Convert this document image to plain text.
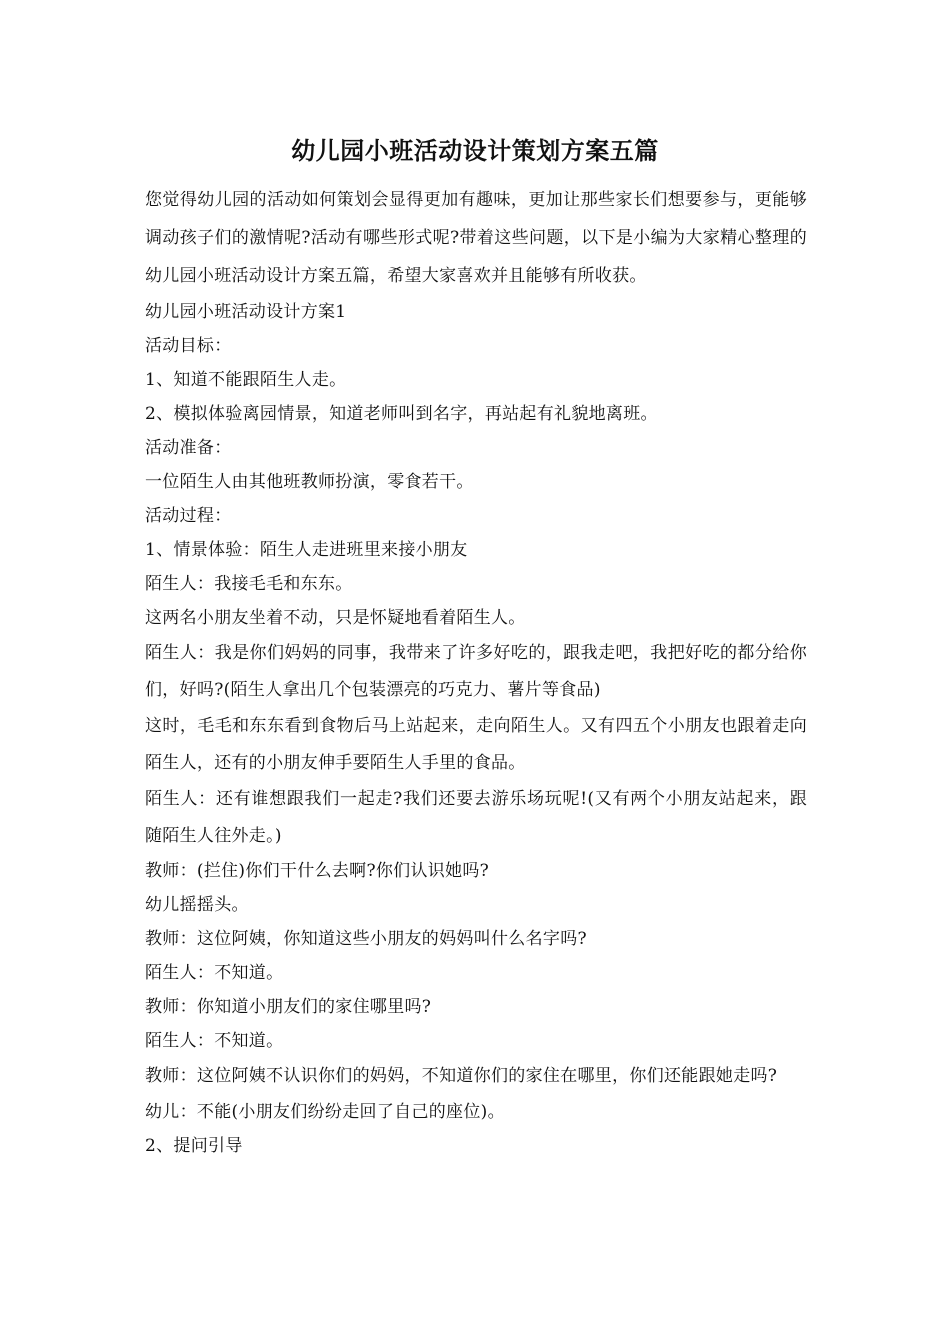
幼儿园小班活动设计策划方案五篇

您觉得幼儿园的活动如何策划会显得更加有趣味，更加让那些家长们想要参与，更能够调动孩子们的激情呢?活动有哪些形式呢?带着这些问题，以下是小编为大家精心整理的幼儿园小班活动设计方案五篇，希望大家喜欢并且能够有所收获。

幼儿园小班活动设计方案1

活动目标：

1、知道不能跟陌生人走。

2、模拟体验离园情景，知道老师叫到名字，再站起有礼貌地离班。

活动准备：

一位陌生人由其他班教师扮演，零食若干。

活动过程：

1、情景体验：陌生人走进班里来接小朋友

陌生人：我接毛毛和东东。

这两名小朋友坐着不动，只是怀疑地看着陌生人。

陌生人：我是你们妈妈的同事，我带来了许多好吃的，跟我走吧，我把好吃的都分给你们，好吗?(陌生人拿出几个包装漂亮的巧克力、薯片等食品)

这时，毛毛和东东看到食物后马上站起来，走向陌生人。又有四五个小朋友也跟着走向陌生人，还有的小朋友伸手要陌生人手里的食品。

陌生人：还有谁想跟我们一起走?我们还要去游乐场玩呢!(又有两个小朋友站起来，跟随陌生人往外走。)

教师：(拦住)你们干什么去啊?你们认识她吗?

幼儿摇摇头。

教师：这位阿姨，你知道这些小朋友的妈妈叫什么名字吗?

陌生人：不知道。

教师：你知道小朋友们的家住哪里吗?

陌生人：不知道。

教师：这位阿姨不认识你们的妈妈，不知道你们的家住在哪里，你们还能跟她走吗?

幼儿：不能(小朋友们纷纷走回了自己的座位)。

2、提问引导
